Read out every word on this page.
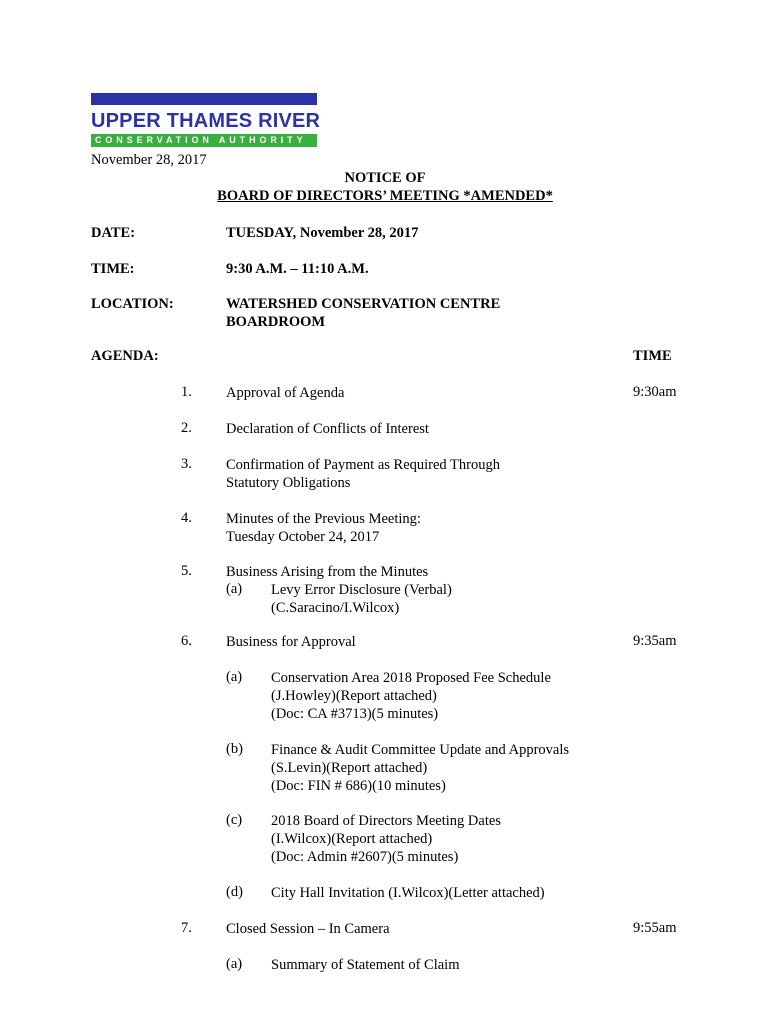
UPPER THAMES RIVER
CONSERVATION AUTHORITY
November 28, 2017
NOTICE OF
BOARD OF DIRECTORS’ MEETING *AMENDED*
DATE:	TUESDAY, November 28, 2017
TIME:	9:30 A.M. – 11:10 A.M.
LOCATION:	WATERSHED CONSERVATION CENTRE
BOARDROOM
AGENDA:	TIME
1. Approval of Agenda	9:30am
2. Declaration of Conflicts of Interest
3. Confirmation of Payment as Required Through
Statutory Obligations
4. Minutes of the Previous Meeting:
Tuesday October 24, 2017
5. Business Arising from the Minutes
(a) Levy Error Disclosure (Verbal)
(C.Saracino/I.Wilcox)
6. Business for Approval	9:35am
(a) Conservation Area 2018 Proposed Fee Schedule
(J.Howley)(Report attached)
(Doc: CA #3713)(5 minutes)
(b) Finance & Audit Committee Update and Approvals
(S.Levin)(Report attached)
(Doc: FIN # 686)(10 minutes)
(c) 2018 Board of Directors Meeting Dates
(I.Wilcox)(Report attached)
(Doc: Admin #2607)(5 minutes)
(d) City Hall Invitation (I.Wilcox)(Letter attached)
7. Closed Session – In Camera	9:55am
(a) Summary of Statement of Claim
